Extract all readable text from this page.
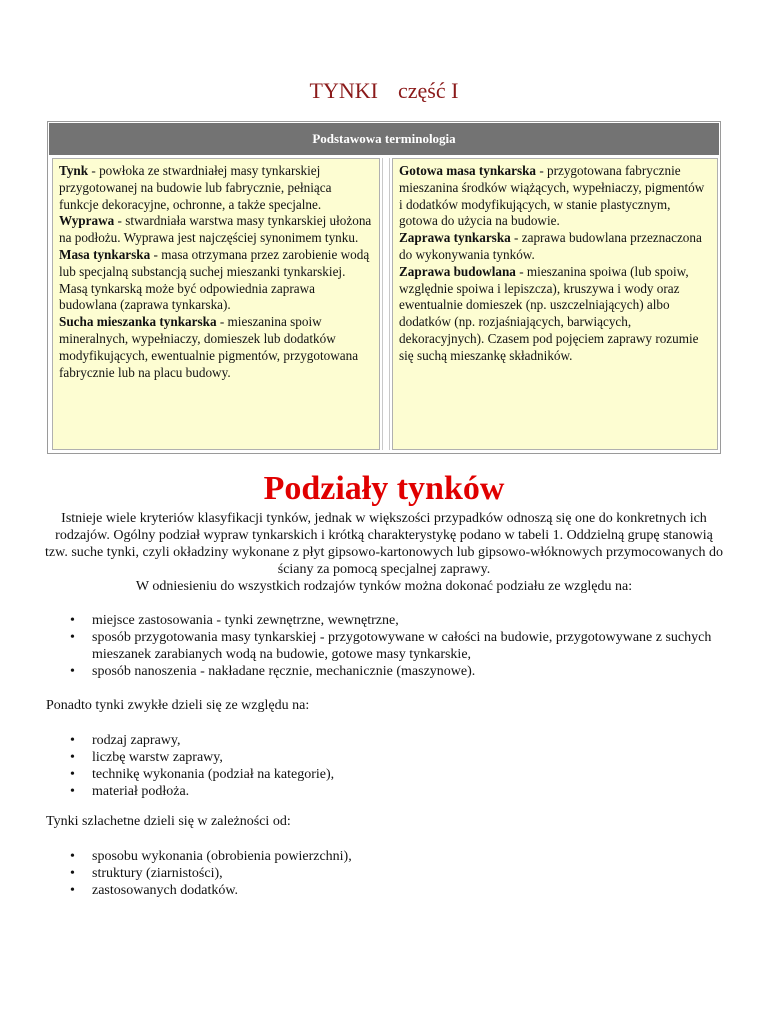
TYNKI część I
Podstawowa terminologia
Tynk - powłoka ze stwardniałej masy tynkarskiej przygotowanej na budowie lub fabrycznie, pełniąca funkcje dekoracyjne, ochronne, a także specjalne.
Wyprawa - stwardniała warstwa masy tynkarskiej ułożona na podłożu. Wyprawa jest najczęściej synonimem tynku.
Masa tynkarska - masa otrzymana przez zarobienie wodą lub specjalną substancją suchej mieszanki tynkarskiej. Masą tynkarską może być odpowiednia zaprawa budowlana (zaprawa tynkarska).
Sucha mieszanka tynkarska - mieszanina spoiw mineralnych, wypełniaczy, domieszek lub dodatków modyfikujących, ewentualnie pigmentów, przygotowana fabrycznie lub na placu budowy.
Gotowa masa tynkarska - przygotowana fabrycznie mieszanina środków wiążących, wypełniaczy, pigmentów i dodatków modyfikujących, w stanie plastycznym, gotowa do użycia na budowie.
Zaprawa tynkarska - zaprawa budowlana przeznaczona do wykonywania tynków.
Zaprawa budowlana - mieszanina spoiwa (lub spoiw, względnie spoiwa i lepiszcza), kruszywa i wody oraz ewentualnie domieszek (np. uszczelniających) albo dodatków (np. rozjaśniających, barwiących, dekoracyjnych). Czasem pod pojęciem zaprawy rozumie się suchą mieszankę składników.
Podziały tynków

Istnieje wiele kryteriów klasyfikacji tynków, jednak w większości przypadków odnoszą się one do konkretnych ich rodzajów. Ogólny podział wypraw tynkarskich i krótką charakterystykę podano w tabeli 1. Oddzielną grupę stanowią tzw. suche tynki, czyli okładziny wykonane z płyt gipsowo-kartonowych lub gipsowo-włóknowych przymocowanych do ściany za pomocą specjalnej zaprawy.

W odniesieniu do wszystkich rodzajów tynków można dokonać podziału ze względu na:

• miejsce zastosowania - tynki zewnętrzne, wewnętrzne,
• sposób przygotowania masy tynkarskiej - przygotowywane w całości na budowie, przygotowywane z suchych mieszanek zarabianych wodą na budowie, gotowe masy tynkarskie,
• sposób nanoszenia - nakładane ręcznie, mechanicznie (maszynowe).
Ponadto tynki zwykłe dzieli się ze względu na:
• rodzaj zaprawy,
• liczbę warstw zaprawy,
• technikę wykonania (podział na kategorie),
• materiał podłoża.
Tynki szlachetne dzieli się w zależności od:
• sposobu wykonania (obrobienia powierzchni),
• struktury (ziarnistości),
• zastosowanych dodatków.
